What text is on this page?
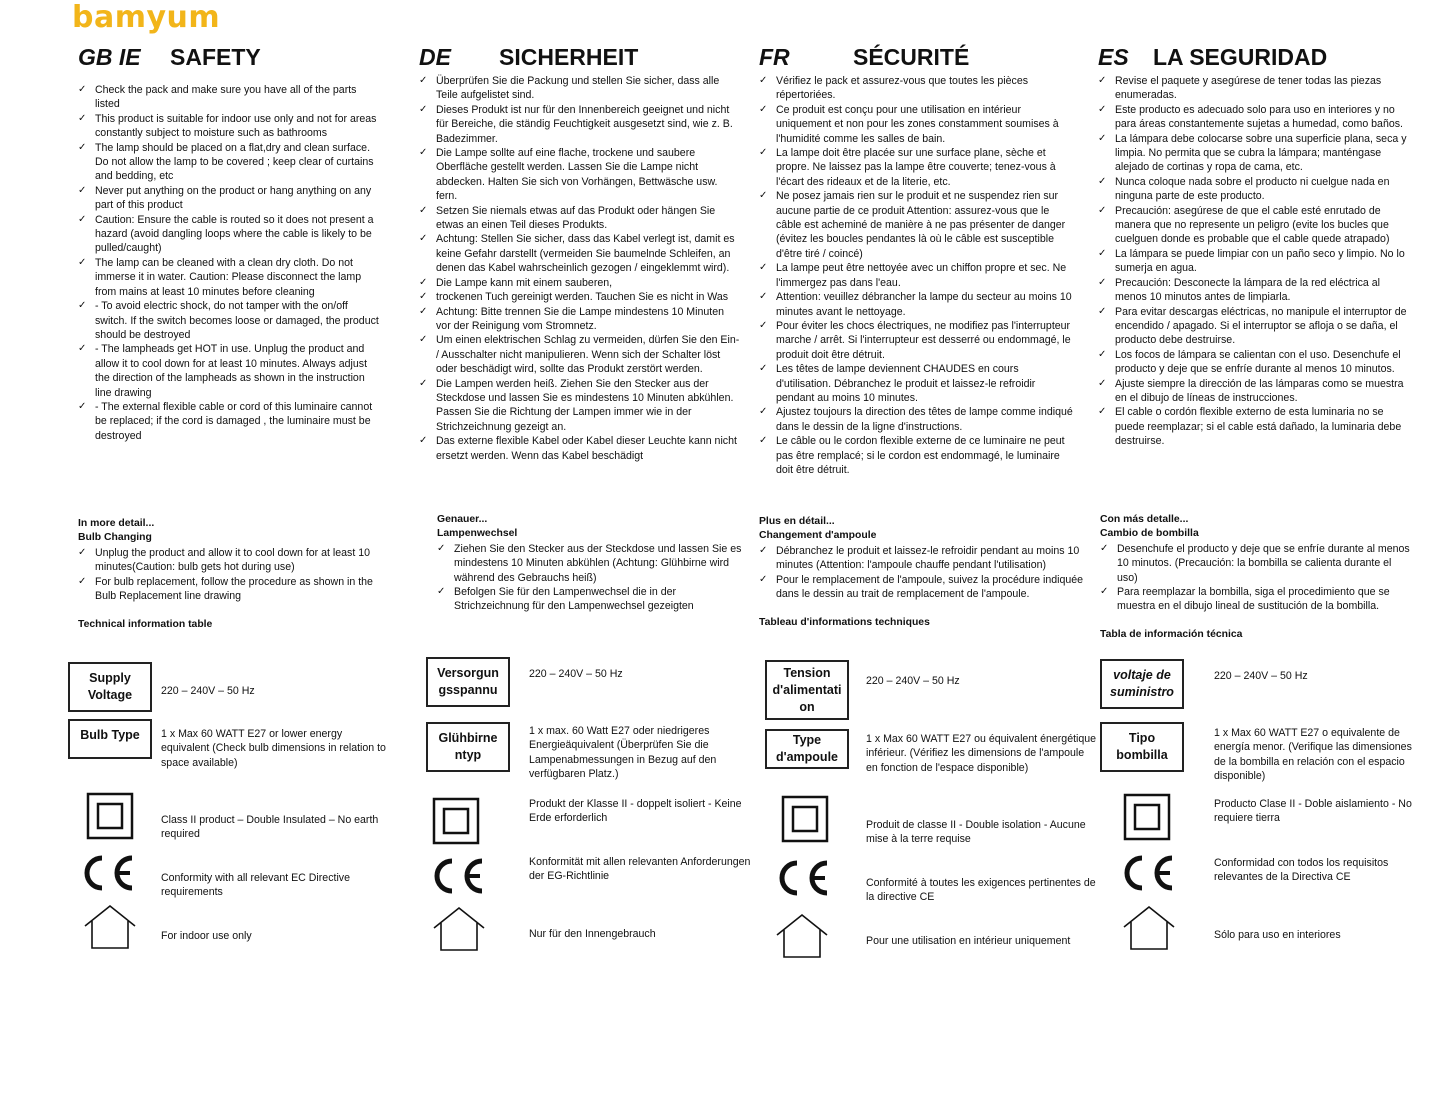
bamyum
GB IE	SAFETY
✓ Check the pack and make sure you have all of the parts listed
✓ This product is suitable for indoor use only and not for areas constantly subject to moisture such as bathrooms
✓ The lamp should be placed on a flat,dry and clean surface. Do not allow the lamp to be covered ; keep clear of curtains and bedding, etc
✓ Never put anything on the product or hang anything on any part of this product
✓ Caution: Ensure the cable is routed so it does not present a hazard (avoid dangling loops where the cable is likely to be pulled/caught)
✓ The lamp can be cleaned with a clean dry cloth. Do not immerse it in water. Caution: Please disconnect the lamp from mains at least 10 minutes before cleaning
✓ - To avoid electric shock, do not tamper with the on/off switch. If the switch becomes loose or damaged, the product should be destroyed
✓ - The lampheads get HOT in use. Unplug the product and allow it to cool down for at least 10 minutes. Always adjust the direction of the lampheads as shown in the instruction line drawing
✓ - The external flexible cable or cord of this luminaire cannot be replaced; if the cord is damaged , the luminaire must be destroyed
In more detail...
Bulb Changing
✓ Unplug the product and allow it to cool down for at least 10 minutes(Caution: bulb gets hot during use)
✓ For bulb replacement, follow the procedure as shown in the Bulb Replacement line drawing
Technical information table
Supply Voltage	220 – 240V – 50 Hz
Bulb Type	1 x Max 60 WATT E27 or lower energy equivalent (Check bulb dimensions in relation to space available)
Class II product – Double Insulated – No earth required
Conformity with all relevant EC Directive requirements
For indoor use only
DE	SICHERHEIT
✓ Überprüfen Sie die Packung und stellen Sie sicher, dass alle Teile aufgelistet sind.
✓ Dieses Produkt ist nur für den Innenbereich geeignet und nicht für Bereiche, die ständig Feuchtigkeit ausgesetzt sind, wie z. B. Badezimmer.
✓ Die Lampe sollte auf eine flache, trockene und saubere Oberfläche gestellt werden. Lassen Sie die Lampe nicht abdecken. Halten Sie sich von Vorhängen, Bettwäsche usw. fern.
✓ Setzen Sie niemals etwas auf das Produkt oder hängen Sie etwas an einen Teil dieses Produkts.
✓ Achtung: Stellen Sie sicher, dass das Kabel verlegt ist, damit es keine Gefahr darstellt (vermeiden Sie baumelnde Schleifen, an denen das Kabel wahrscheinlich gezogen / eingeklemmt wird).
✓ Die Lampe kann mit einem sauberen,
✓ trockenen Tuch gereinigt werden. Tauchen Sie es nicht in Was
✓ Achtung: Bitte trennen Sie die Lampe mindestens 10 Minuten vor der Reinigung vom Stromnetz.
✓ Um einen elektrischen Schlag zu vermeiden, dürfen Sie den Ein- / Ausschalter nicht manipulieren. Wenn sich der Schalter löst oder beschädigt wird, sollte das Produkt zerstört werden.
✓ Die Lampen werden heiß. Ziehen Sie den Stecker aus der Steckdose und lassen Sie es mindestens 10 Minuten abkühlen. Passen Sie die Richtung der Lampen immer wie in der Strichzeichnung gezeigt an.
✓ Das externe flexible Kabel oder Kabel dieser Leuchte kann nicht ersetzt werden. Wenn das Kabel beschädigt
Genauer...
Lampenwechsel
✓ Ziehen Sie den Stecker aus der Steckdose und lassen Sie es mindestens 10 Minuten abkühlen (Achtung: Glühbirne wird während des Gebrauchs heiß)
✓ Befolgen Sie für den Lampenwechsel die in der Strichzeichnung für den Lampenwechsel gezeigten
Versorgun gsspannu
220 – 240V – 50 Hz
Glühbirne ntyp
1 x max. 60 Watt E27 oder niedrigeres Energieäquivalent (Überprüfen Sie die Lampenabmessungen in Bezug auf den verfügbaren Platz.)
Produkt der Klasse II - doppelt isoliert - Keine Erde erforderlich
Konformität mit allen relevanten Anforderungen der EG-Richtlinie
Nur für den Innengebrauch
FR	SÉCURITÉ
✓ Vérifiez le pack et assurez-vous que toutes les pièces répertoriées.
✓ Ce produit est conçu pour une utilisation en intérieur uniquement et non pour les zones constamment soumises à l'humidité comme les salles de bain.
✓ La lampe doit être placée sur une surface plane, sèche et propre. Ne laissez pas la lampe être couverte; tenez-vous à l'écart des rideaux et de la literie, etc.
✓ Ne posez jamais rien sur le produit et ne suspendez rien sur aucune partie de ce produit Attention: assurez-vous que le câble est acheminé de manière à ne pas présenter de danger (évitez les boucles pendantes là où le câble est susceptible d'être tiré / coincé)
✓ La lampe peut être nettoyée avec un chiffon propre et sec. Ne l'immergez pas dans l'eau.
✓ Attention: veuillez débrancher la lampe du secteur au moins 10 minutes avant le nettoyage.
✓ Pour éviter les chocs électriques, ne modifiez pas l'interrupteur marche / arrêt. Si l'interrupteur est desserré ou endommagé, le produit doit être détruit.
✓ Les têtes de lampe deviennent CHAUDES en cours d'utilisation. Débranchez le produit et laissez-le refroidir pendant au moins 10 minutes.
✓ Ajustez toujours la direction des têtes de lampe comme indiqué dans le dessin de la ligne d'instructions.
✓ Le câble ou le cordon flexible externe de ce luminaire ne peut pas être remplacé; si le cordon est endommagé, le luminaire doit être détruit.
Plus en détail...
Changement d'ampoule
✓ Débranchez le produit et laissez-le refroidir pendant au moins 10 minutes (Attention: l'ampoule chauffe pendant l'utilisation)
✓ Pour le remplacement de l'ampoule, suivez la procédure indiquée dans le dessin au trait de remplacement de l'ampoule.
Tableau d'informations techniques
Tension d'alimentati on
220 – 240V – 50 Hz
Type d'ampoule
1 x Max 60 WATT E27 ou équivalent énergétique inférieur. (Vérifiez les dimensions de l'ampoule en fonction de l'espace disponible)
Produit de classe II - Double isolation - Aucune mise à la terre requise
Conformité à toutes les exigences pertinentes de la directive CE
Pour une utilisation en intérieur uniquement
ES	LA SEGURIDAD
✓ Revise el paquete y asegúrese de tener todas las piezas enumeradas.
✓ Este producto es adecuado solo para uso en interiores y no para áreas constantemente sujetas a humedad, como baños.
✓ La lámpara debe colocarse sobre una superficie plana, seca y limpia. No permita que se cubra la lámpara; manténgase alejado de cortinas y ropa de cama, etc.
✓ Nunca coloque nada sobre el producto ni cuelgue nada en ninguna parte de este producto.
✓ Precaución: asegúrese de que el cable esté enrutado de manera que no represente un peligro (evite los bucles que cuelguen donde es probable que el cable quede atrapado)
✓ La lámpara se puede limpiar con un paño seco y limpio. No lo sumerja en agua.
✓ Precaución: Desconecte la lámpara de la red eléctrica al menos 10 minutos antes de limpiarla.
✓ Para evitar descargas eléctricas, no manipule el interruptor de encendido / apagado. Si el interruptor se afloja o se daña, el producto debe destruirse.
✓ Los focos de lámpara se calientan con el uso. Desenchufe el producto y deje que se enfríe durante al menos 10 minutos.
✓ Ajuste siempre la dirección de las lámparas como se muestra en el dibujo de líneas de instrucciones.
✓ El cable o cordón flexible externo de esta luminaria no se puede reemplazar; si el cable está dañado, la luminaria debe destruirse.
Con más detalle...
Cambio de bombilla
✓ Desenchufe el producto y deje que se enfríe durante al menos 10 minutos. (Precaución: la bombilla se calienta durante el uso)
✓ Para reemplazar la bombilla, siga el procedimiento que se muestra en el dibujo lineal de sustitución de la bombilla.
Tabla de información técnica
voltaje de suministro
220 – 240V – 50 Hz
Tipo bombilla
1 x Max 60 WATT E27 o equivalente de energía menor. (Verifique las dimensiones de la bombilla en relación con el espacio disponible)
Producto Clase II - Doble aislamiento - No requiere tierra
Conformidad con todos los requisitos relevantes de la Directiva CE
Sólo para uso en interiores
